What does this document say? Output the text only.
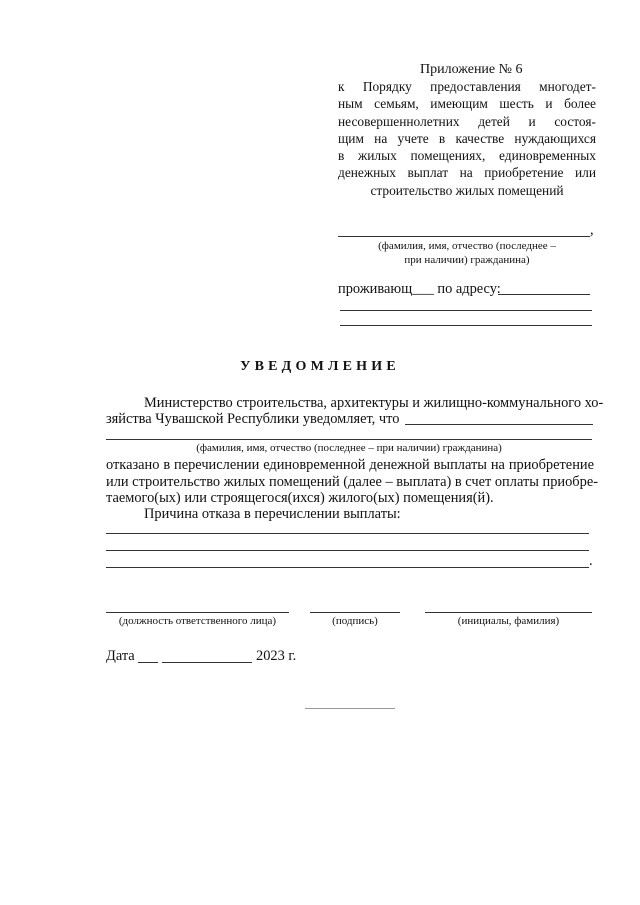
Приложение № 6
к Порядку предоставления многодет-
ным семьям, имеющим шесть и более
несовершеннолетних детей и состоя-
щим на учете в качестве нуждающихся
в жилых помещениях, единовременных
денежных выплат на приобретение или
строительство жилых помещений
,
(фамилия, имя, отчество (последнее –
при наличии) гражданина)
проживающ___ по адресу:
УВЕДОМЛЕНИЕ
Министерство строительства, архитектуры и жилищно-коммунального хо-
зяйства Чувашской Республики уведомляет, что
(фамилия, имя, отчество (последнее – при наличии) гражданина)
отказано в перечислении единовременной денежной выплаты на приобретение
или строительство жилых помещений (далее – выплата) в счет оплаты приобре-
таемого(ых) или строящегося(ихся) жилого(ых) помещения(й).
Причина отказа в перечислении выплаты:
.
(должность ответственного лица)	(подпись)	(инициалы, фамилия)
Дата	2023 г.
